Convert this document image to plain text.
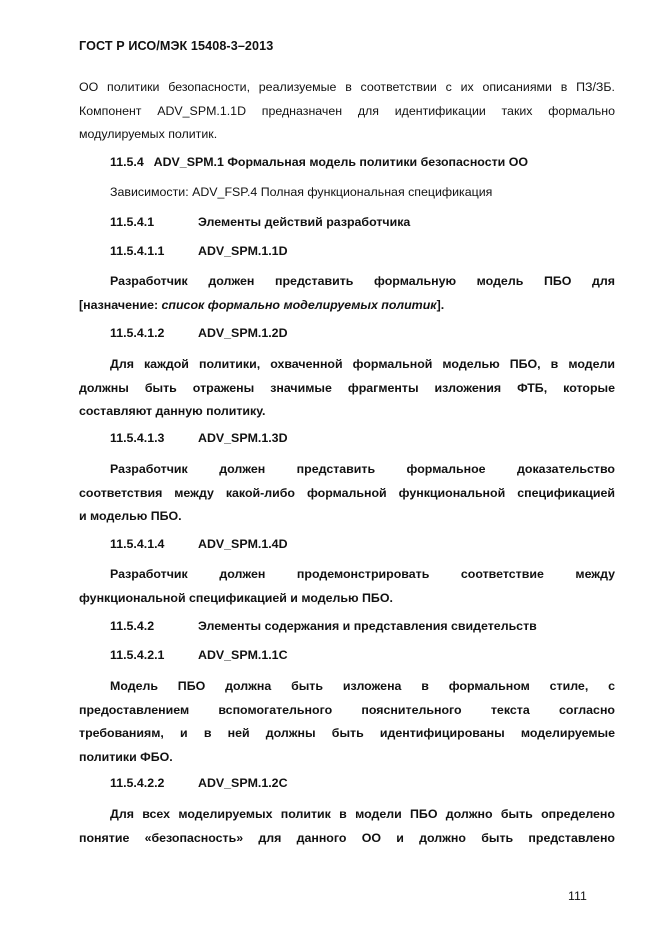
ГОСТ Р ИСО/МЭК 15408-3–2013
ОО политики безопасности, реализуемые в соответствии с их описаниями в ПЗ/ЗБ.
Компонент ADV_SPM.1.1D предназначен для идентификации таких формально
модулируемых политик.
11.5.4 ADV_SPM.1 Формальная модель политики безопасности ОО
Зависимости: ADV_FSP.4 Полная функциональная спецификация
11.5.4.1	Элементы действий разработчика
11.5.4.1.1	ADV_SPM.1.1D
Разработчик должен представить формальную модель ПБО для
[назначение: список формально моделируемых политик].
11.5.4.1.2	ADV_SPM.1.2D
Для каждой политики, охваченной формальной моделью ПБО, в модели
должны быть отражены значимые фрагменты изложения ФТБ, которые
составляют данную политику.
11.5.4.1.3	ADV_SPM.1.3D
Разработчик должен представить формальное доказательство
соответствия между какой-либо формальной функциональной спецификацией
и моделью ПБО.
11.5.4.1.4	ADV_SPM.1.4D
Разработчик должен продемонстрировать соответствие между
функциональной спецификацией и моделью ПБО.
11.5.4.2	Элементы содержания и представления свидетельств
11.5.4.2.1	ADV_SPM.1.1C
Модель ПБО должна быть изложена в формальном стиле, с
предоставлением вспомогательного пояснительного текста согласно
требованиям, и в ней должны быть идентифицированы моделируемые
политики ФБО.
11.5.4.2.2	ADV_SPM.1.2C
Для всех моделируемых политик в модели ПБО должно быть определено
понятие «безопасность» для данного ОО и должно быть представлено
111
